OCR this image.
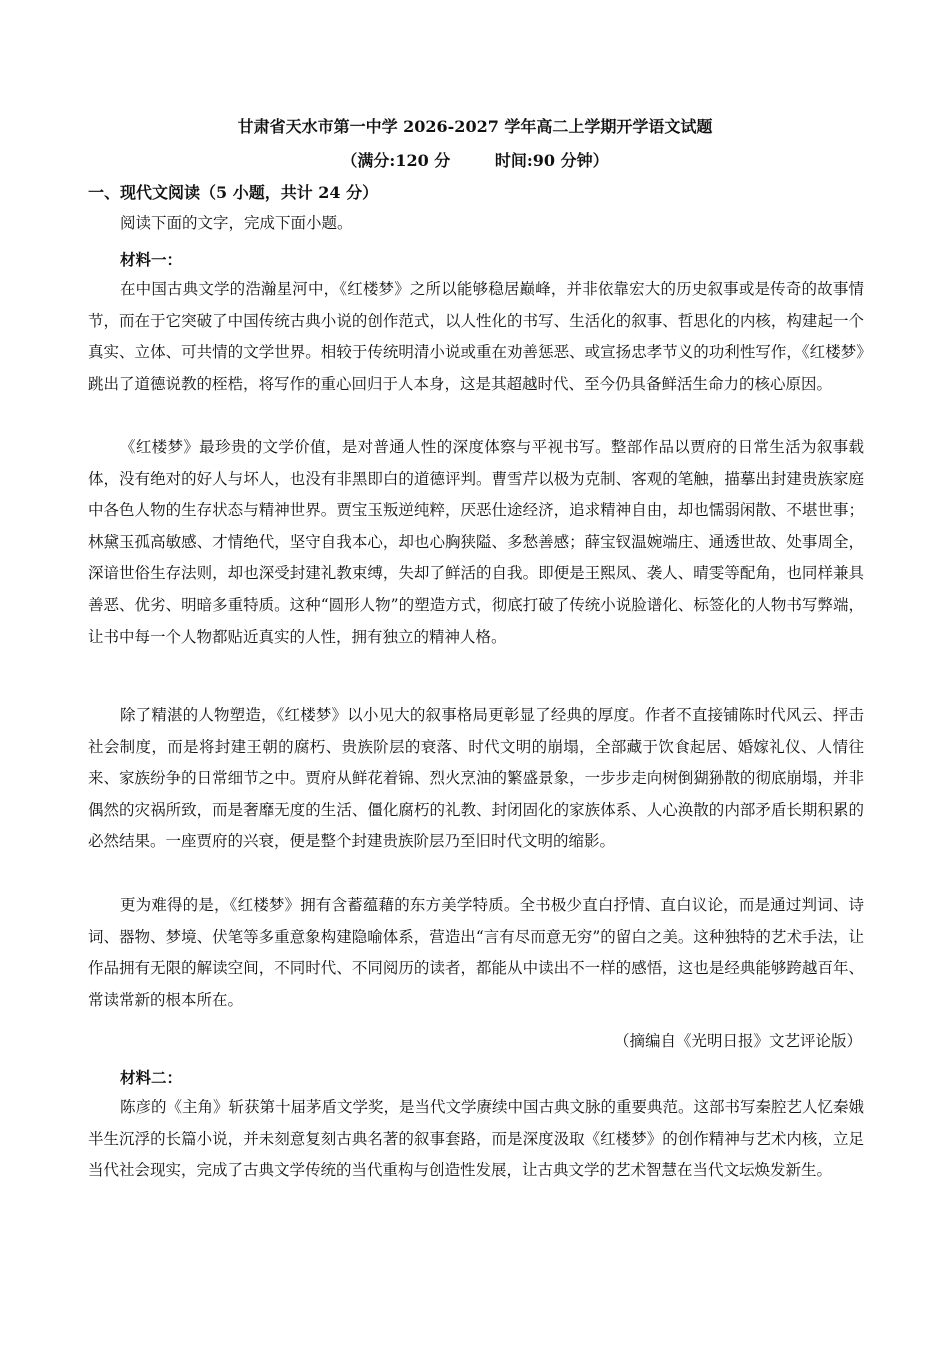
甘肃省天水市第一中学 2026-2027 学年高二上学期开学语文试题
（满分:120 分        时间:90 分钟）
一、现代文阅读（5 小题，共计 24 分）
阅读下面的文字，完成下面小题。
材料一：

在中国古典文学的浩瀚星河中，《红楼梦》之所以能够稳居巅峰，并非依靠宏大的历史叙事或是传奇的故事情节，而在于它突破了中国传统古典小说的创作范式，以人性化的书写、生活化的叙事、哲思化的内核，构建起一个真实、立体、可共情的文学世界。相较于传统明清小说或重在劝善惩恶、或宣扬忠孝节义的功利性写作，《红楼梦》跳出了道德说教的桎梏，将写作的重心回归于人本身，这是其超越时代、至今仍具备鲜活生命力的核心原因。

《红楼梦》最珍贵的文学价值，是对普通人性的深度体察与平视书写。整部作品以贾府的日常生活为叙事载体，没有绝对的好人与坏人，也没有非黑即白的道德评判。曹雪芹以极为克制、客观的笔触，描摹出封建贵族家庭中各色人物的生存状态与精神世界。贾宝玉叛逆纯粹，厌恶仕途经济，追求精神自由，却也懦弱闲散、不堪世事；林黛玉孤高敏感、才情绝代，坚守自我本心，却也心胸狭隘、多愁善感；薛宝钗温婉端庄、通透世故、处事周全，深谙世俗生存法则，却也深受封建礼教束缚，失却了鲜活的自我。即便是王熙凤、袭人、晴雯等配角，也同样兼具善恶、优劣、明暗多重特质。这种“圆形人物”的塑造方式，彻底打破了传统小说脸谱化、标签化的人物书写弊端，让书中每一个人物都贴近真实的人性，拥有独立的精神人格。

除了精湛的人物塑造，《红楼梦》以小见大的叙事格局更彰显了经典的厚度。作者不直接铺陈时代风云、抨击社会制度，而是将封建王朝的腐朽、贵族阶层的衰落、时代文明的崩塌，全部藏于饮食起居、婚嫁礼仪、人情往来、家族纷争的日常细节之中。贾府从鲜花着锦、烈火烹油的繁盛景象，一步步走向树倒猢狲散的彻底崩塌，并非偶然的灾祸所致，而是奢靡无度的生活、僵化腐朽的礼教、封闭固化的家族体系、人心涣散的内部矛盾长期积累的必然结果。一座贾府的兴衰，便是整个封建贵族阶层乃至旧时代文明的缩影。

更为难得的是，《红楼梦》拥有含蓄蕴藉的东方美学特质。全书极少直白抒情、直白议论，而是通过判词、诗词、器物、梦境、伏笔等多重意象构建隐喻体系，营造出“言有尽而意无穷”的留白之美。这种独特的艺术手法，让作品拥有无限的解读空间，不同时代、不同阅历的读者，都能从中读出不一样的感悟，这也是经典能够跨越百年、常读常新的根本所在。

（摘编自《光明日报》文艺评论版）
材料二：

陈彦的《主角》斩获第十届茅盾文学奖，是当代文学赓续中国古典文脉的重要典范。这部书写秦腔艺人忆秦娥半生沉浮的长篇小说，并未刻意复刻古典名著的叙事套路，而是深度汲取《红楼梦》的创作精神与艺术内核，立足当代社会现实，完成了古典文学传统的当代重构与创造性发展，让古典文学的艺术智慧在当代文坛焕发新生。
